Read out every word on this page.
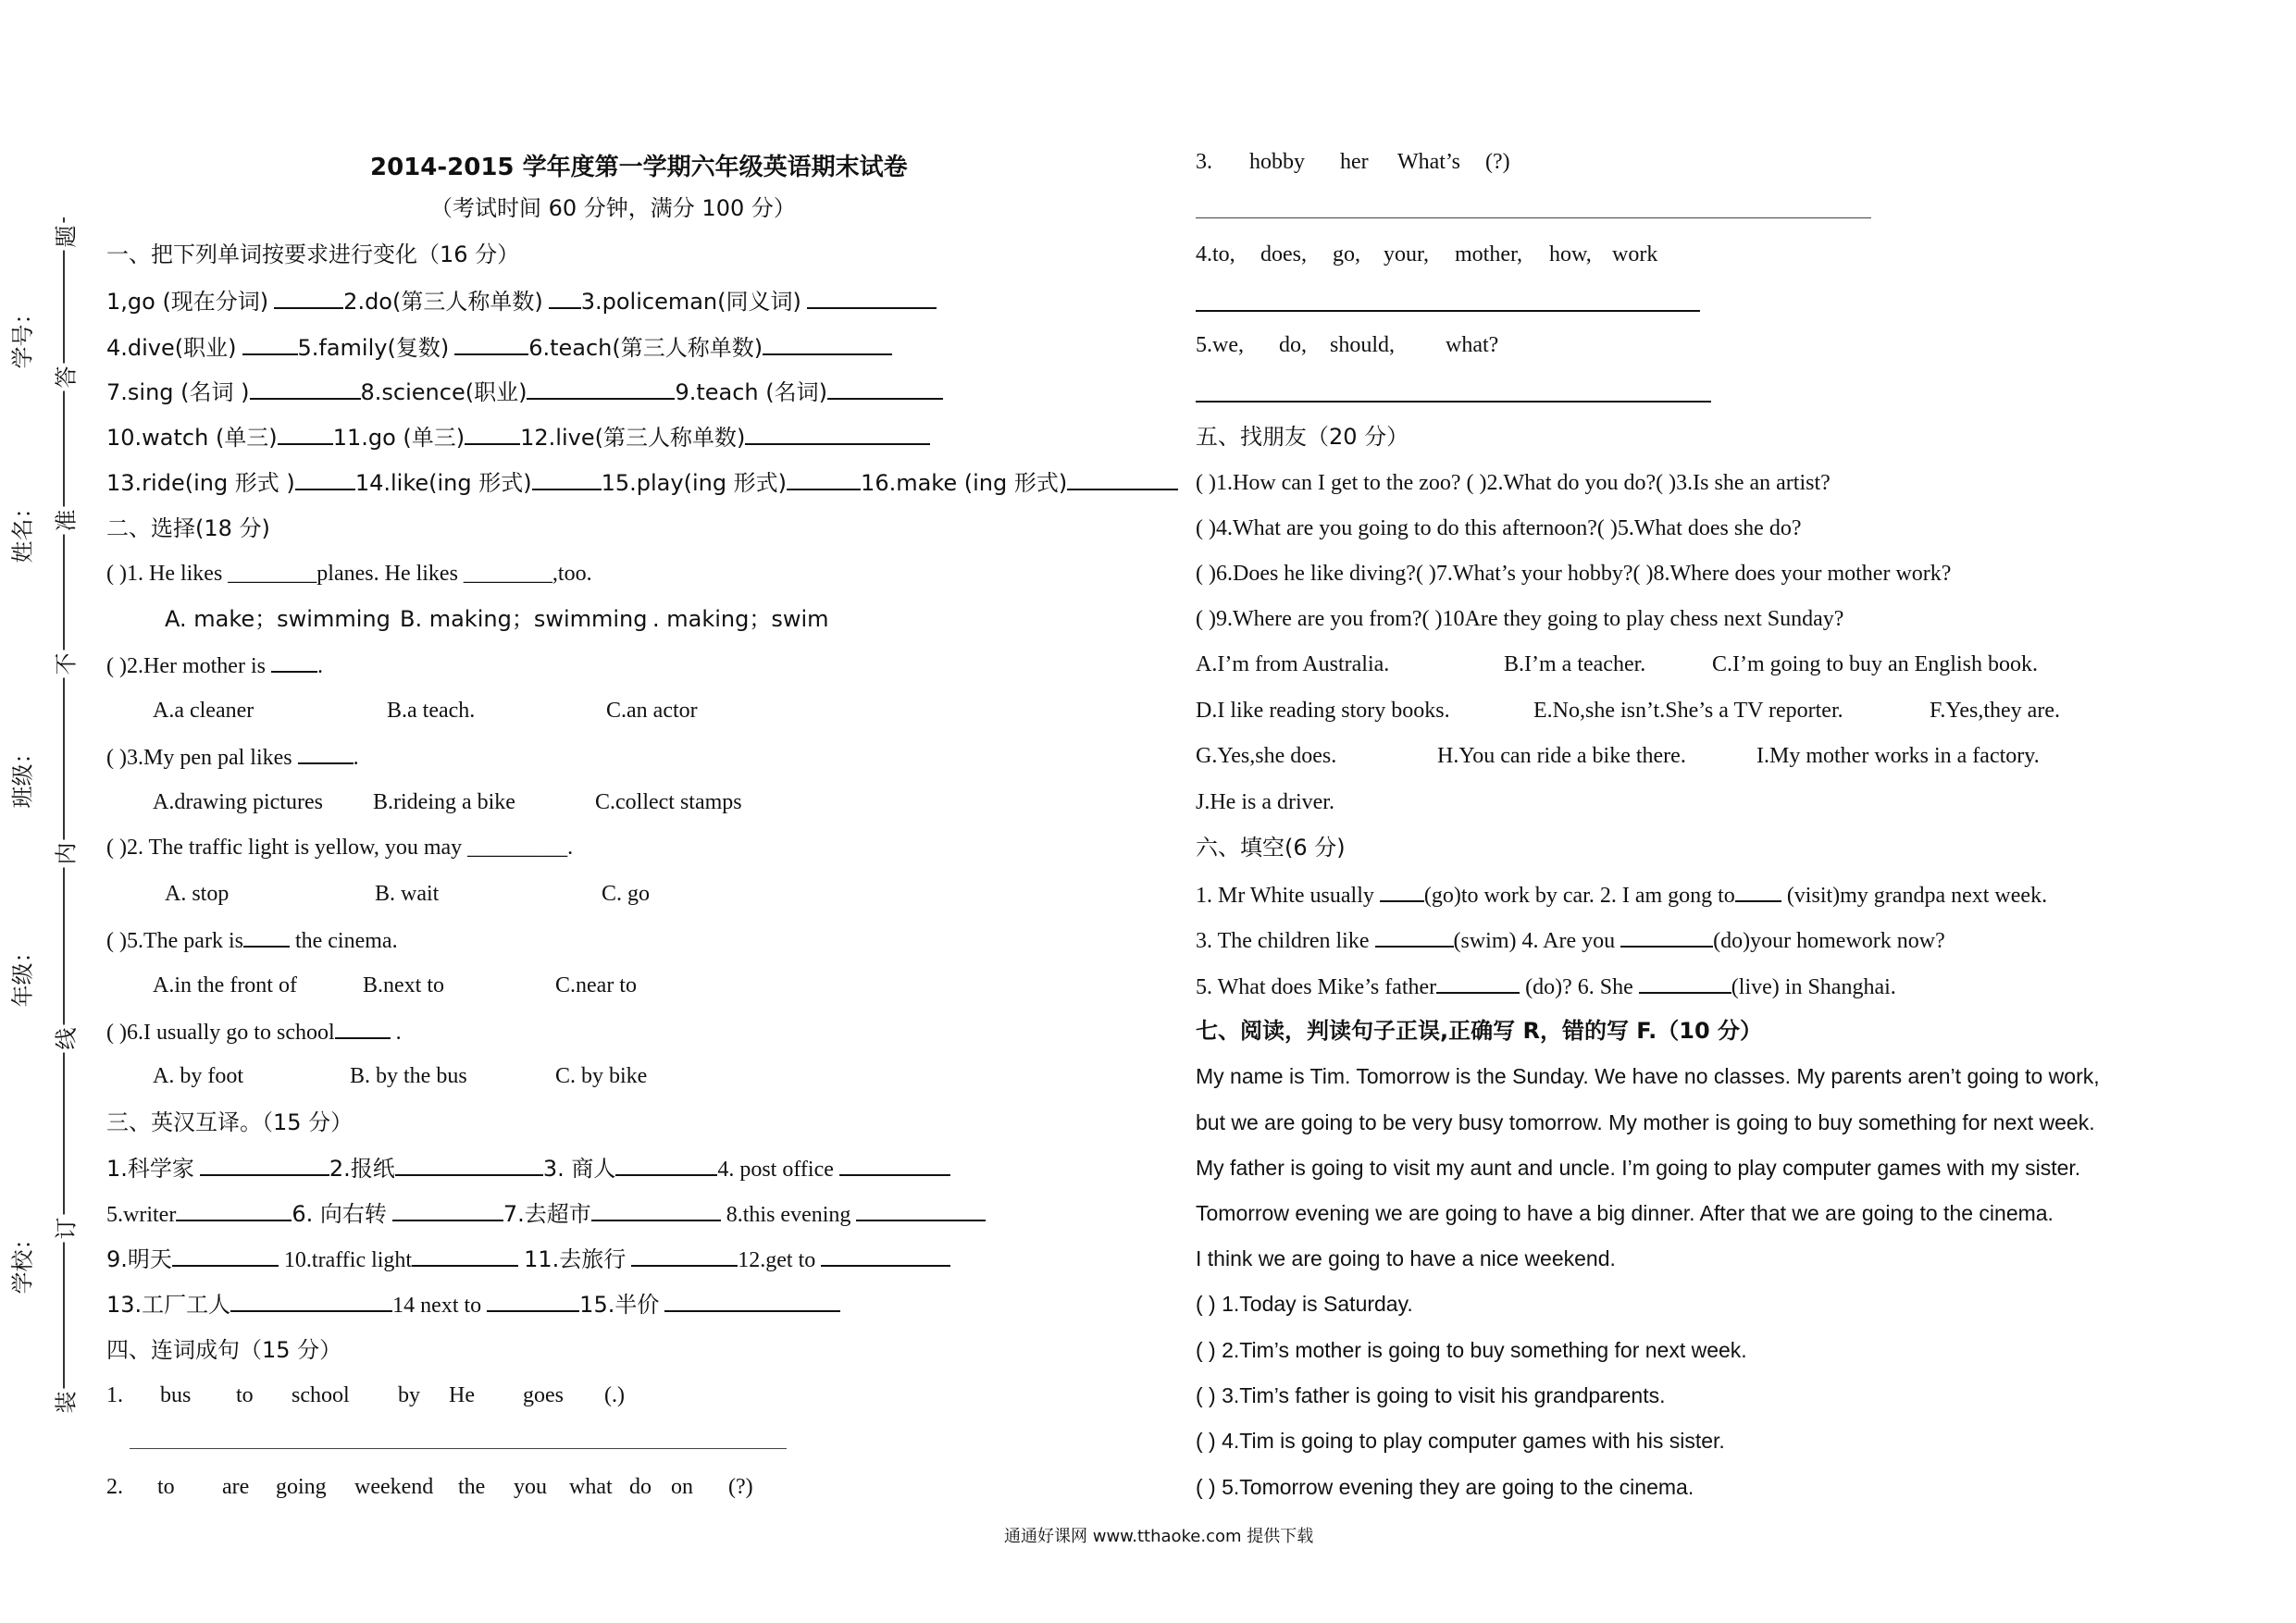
题
答
准
不
内
线
订
装
学号：
姓名：
班级：
年级：
学校：
2014-2015 学年度第一学期六年级英语期末试卷
（考试时间 60 分钟，满分 100 分）
一、把下列单词按要求进行变化（16 分）
1,go (现在分词)	2.do(第三人称单数) 3.policeman(同义词)
4.dive(职业)	5.family(复数)	6.teach(第三人称单数)
7.sing (名词 )	8.science(职业)	9.teach (名词)
10.watch (单三)	11.go (单三)	12.live(第三人称单数)
13.ride(ing 形式 )	14.like(ing 形式)	15.play(ing 形式)	16.make (ing 形式)
二、选择(18 分)
( )1. He likes ________planes. He likes ________,too.
A. make；swimming B. making；swimming . making；swim
( )2.Her mother is .
A.a cleaner	B.a teach.	C.an actor
( )3.My pen pal likes	.
A.drawing pictures B.rideing a bike	C.collect stamps
( )2. The traffic light is yellow, you may _________.
A. stop	B. wait	C. go
( )5.The park is the cinema.
A.in the front of	B.next to	C.near to
( )6.I usually go to school	.
A. by foot	B. by the bus	C. by bike
三、英汉互译。（15 分）
1.科学家	2.报纸	3. 商人	4. post office
5.writer	6. 向右转	7.去超市	8.this evening
9.明天	10.traffic light	11.去旅行	12.get to
13.工厂工人	14 next to	15.半价
四、连词成句（15 分）
1. bus to school by He goes (.)
2. to are going weekend the you what do on (?)
3. hobby her What’s (?)
4.to, does, go, your, mother, how, work
5.we, do, should, what?
五、找朋友（20 分）
( )1.How can I get to the zoo? ( )2.What do you do?( )3.Is she an artist?
( )4.What are you going to do this afternoon?( )5.What does she do?
( )6.Does he like diving?( )7.What’s your hobby?( )8.Where does your mother work?
( )9.Where are you from?( )10Are they going to play chess next Sunday?
A.I’m from Australia.	B.I’m a teacher.	C.I’m going to buy an English book.
D.I like reading story books.	E.No,she isn’t.She’s a TV reporter.	F.Yes,they are.
G.Yes,she does.	H.You can ride a bike there.	I.My mother works in a factory.
J.He is a driver.
六、填空(6 分)
1. Mr White usually (go)to work by car. 2. I am gong to (visit)my grandpa next week.
3. The children like	(swim) 4. Are you	(do)your homework now?
5. What does Mike’s father	(do)? 6. She	(live) in Shanghai.
七、阅读，判读句子正误,正确写 R，错的写 F.（10 分）
My name is Tim. Tomorrow is the Sunday. We have no classes. My parents aren’t going to work,
but we are going to be very busy tomorrow. My mother is going to buy something for next week.
My father is going to visit my aunt and uncle. I’m going to play computer games with my sister.
Tomorrow evening we are going to have a big dinner. After that we are going to the cinema.
I think we are going to have a nice weekend.
( ) 1.Today is Saturday.
( ) 2.Tim’s mother is going to buy something for next week.
( ) 3.Tim’s father is going to visit his grandparents.
( ) 4.Tim is going to play computer games with his sister.
( ) 5.Tomorrow evening they are going to the cinema.
通通好课网 www.tthaoke.com 提供下载
